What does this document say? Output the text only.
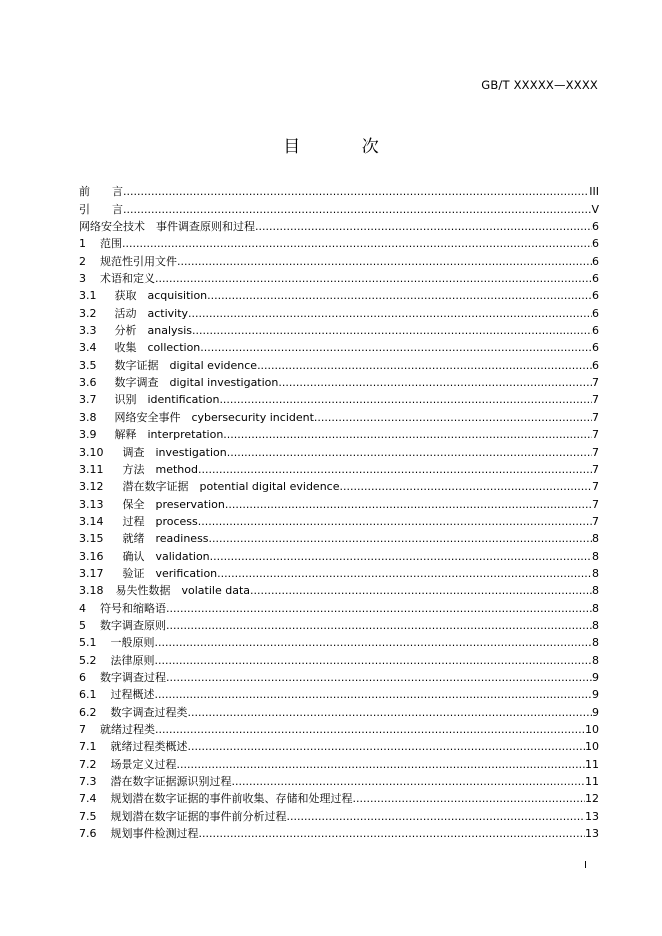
GB/T XXXXX—XXXX
目 次
前 言 .....	III
引 言 .....	V
网络安全技术　事件调查原则和过程 .....	6
1 范围 .....	6
2 规范性引用文件 .....	6
3 术语和定义 .....	6
3.1 获取　acquisition .....	6
3.2 活动　activity .....	6
3.3 分析　analysis .....	6
3.4 收集　collection .....	6
3.5 数字证据　digital evidence .....	6
3.6 数字调查　digital investigation .....	7
3.7 识别　identification .....	7
3.8 网络安全事件　cybersecurity incident .....	7
3.9 解释　interpretation .....	7
3.10 调查　investigation .....	7
3.11 方法　method .....	7
3.12 潜在数字证据　potential digital evidence .....	7
3.13 保全　preservation .....	7
3.14 过程　process .....	7
3.15 就绪　readiness .....	8
3.16 确认　validation .....	8
3.17 验证　verification .....	8
3.18 易失性数据　volatile data .....	8
4 符号和缩略语 .....	8
5 数字调查原则 .....	8
5.1 一般原则 .....	8
5.2 法律原则 .....	8
6 数字调查过程 .....	9
6.1 过程概述 .....	9
6.2 数字调查过程类 .....	9
7 就绪过程类 .....	10
7.1 就绪过程类概述 .....	10
7.2 场景定义过程 .....	11
7.3 潜在数字证据源识别过程 .....	11
7.4 规划潜在数字证据的事件前收集、存储和处理过程 .....	12
7.5 规划潜在数字证据的事件前分析过程 .....	13
7.6 规划事件检测过程 .....	13
I
